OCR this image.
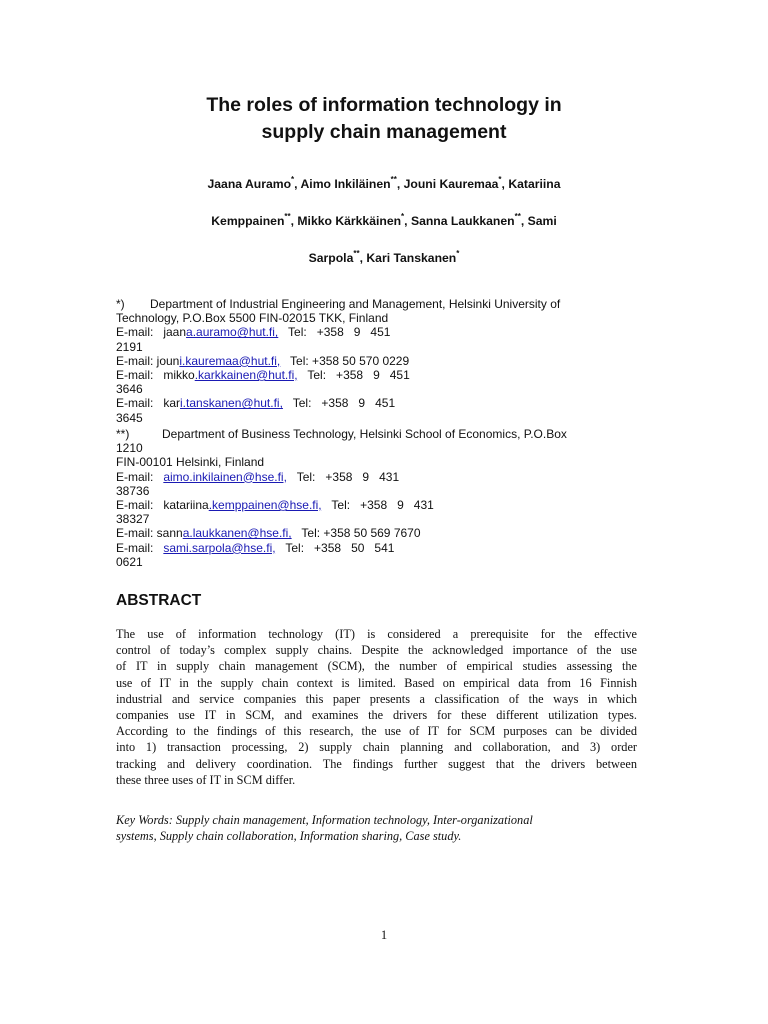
The roles of information technology in
supply chain management
Jaana Auramo*, Aimo Inkiläinen**, Jouni Kauremaa*, Katariina
Kemppainen**, Mikko Kärkkäinen*, Sanna Laukkanen**, Sami
Sarpola**, Kari Tanskanen*
*) Department of Industrial Engineering and Management, Helsinki University of
Technology, P.O.Box 5500 FIN-02015 TKK, Finland
E-mail:   jaana.auramo@hut.fi,   Tel:   +358   9   451
2191
E-mail: jouni.kauremaa@hut.fi,   Tel: +358 50 570 0229
E-mail:   mikko.karkkainen@hut.fi,   Tel:   +358   9   451
3646
E-mail:   kari.tanskanen@hut.fi,   Tel:   +358   9   451
3645
**)	Department of Business Technology, Helsinki School of Economics, P.O.Box
1210
FIN-00101 Helsinki, Finland
E-mail:   aimo.inkilainen@hse.fi,   Tel:   +358   9   431
38736
E-mail:   katariina.kemppainen@hse.fi,   Tel:   +358   9   431
38327
E-mail: sanna.laukkanen@hse.fi,   Tel: +358 50 569 7670
E-mail:   sami.sarpola@hse.fi,   Tel:   +358   50   541
0621
ABSTRACT
The use of information technology (IT) is considered a prerequisite for the effective
control of today’s complex supply chains. Despite the acknowledged importance of the use
of IT in supply chain management (SCM), the number of empirical studies assessing the
use of IT in the supply chain context is limited. Based on empirical data from 16 Finnish
industrial and service companies this paper presents a classification of the ways in which
companies use IT in SCM, and examines the drivers for these different utilization types.
According to the findings of this research, the use of IT for SCM purposes can be divided
into 1) transaction processing, 2) supply chain planning and collaboration, and 3) order
tracking and delivery coordination. The findings further suggest that the drivers between
these three uses of IT in SCM differ.
Key Words: Supply chain management, Information technology, Inter-organizational
systems, Supply chain collaboration, Information sharing, Case study.
1
